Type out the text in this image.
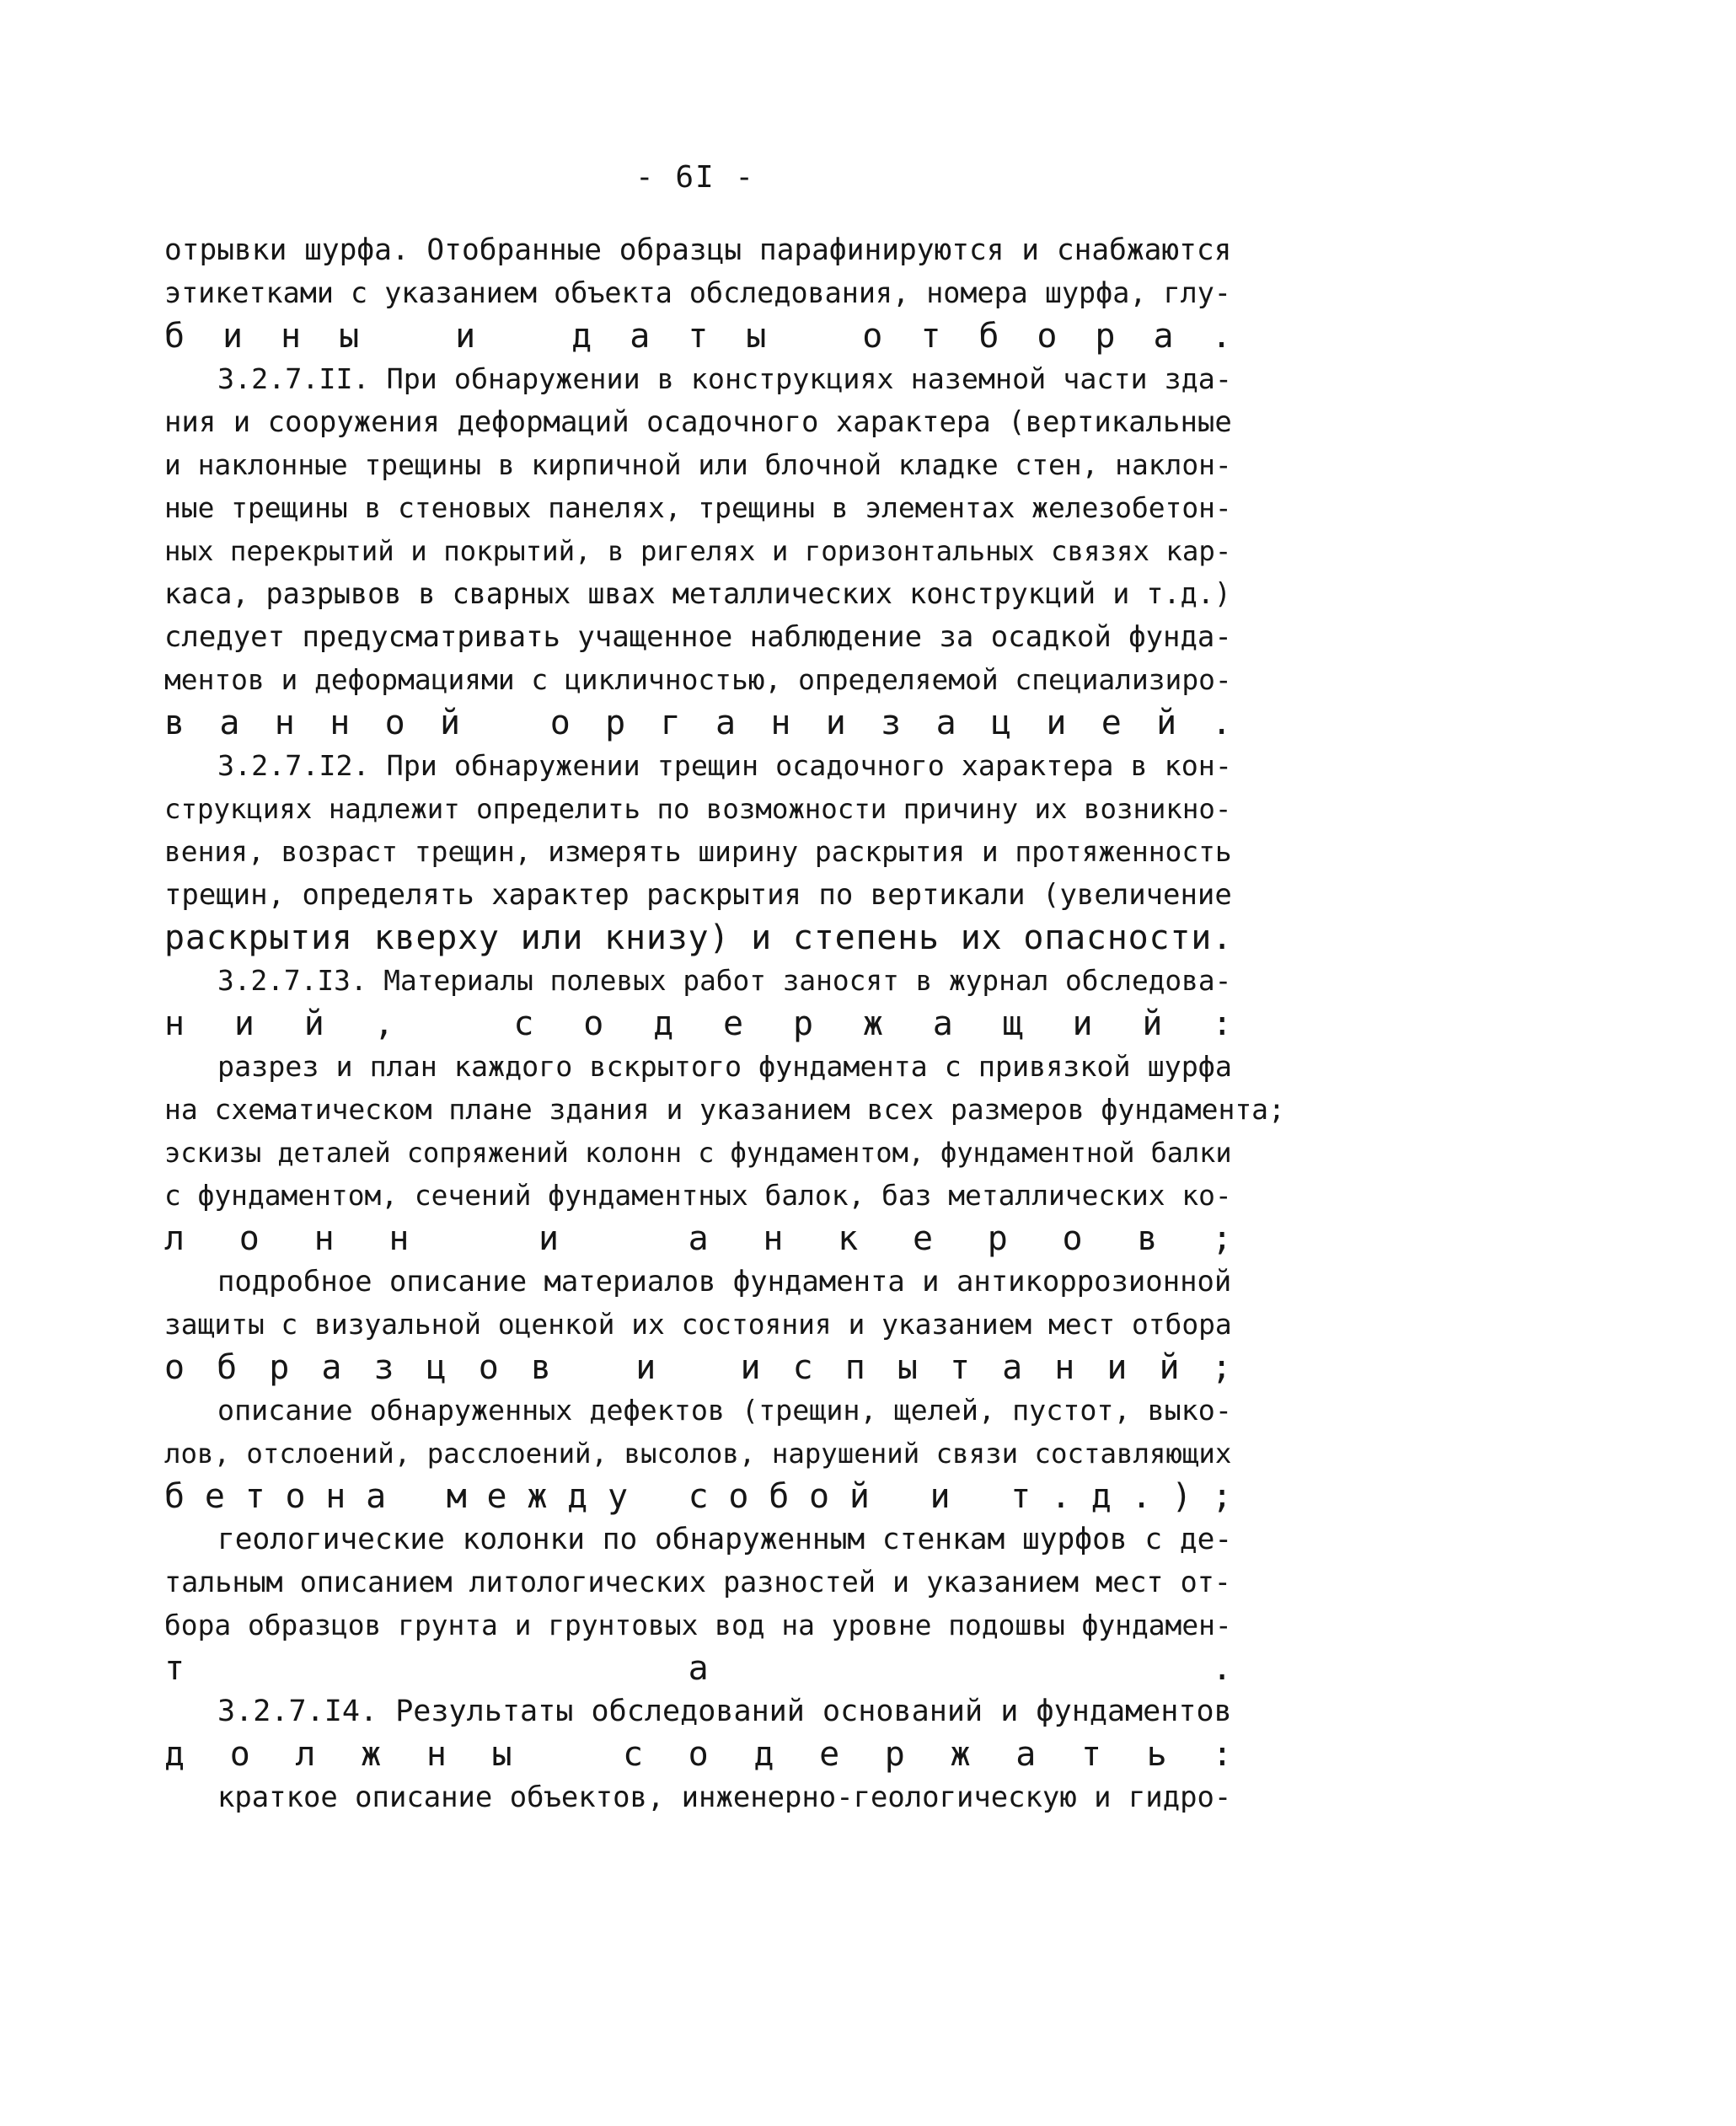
- 6I -
отрывки шурфа. Отобранные образцы парафинируются и снабжаются
этикетками с указанием объекта обследования, номера шурфа, глу-
бины и даты отбора.
3.2.7.II. При обнаружении в конструкциях наземной части зда-
ния и сооружения деформаций осадочного характера (вертикальные
и наклонные трещины в кирпичной или блочной кладке стен, наклон-
ные трещины в стеновых панелях, трещины в элементах железобетон-
ных перекрытий и покрытий, в ригелях и горизонтальных связях кар-
каса, разрывов в сварных швах металлических конструкций и т.д.)
следует предусматривать учащенное наблюдение за осадкой фунда-
ментов и деформациями с цикличностью, определяемой специализиро-
ванной организацией.
3.2.7.I2. При обнаружении трещин осадочного характера в кон-
струкциях надлежит определить по возможности причину их возникно-
вения, возраст трещин, измерять ширину раскрытия и протяженность
трещин, определять характер раскрытия по вертикали (увеличение
раскрытия кверху или книзу) и степень их опасности.
3.2.7.I3. Материалы полевых работ заносят в журнал обследова-
ний, содержащий:
разрез и план каждого вскрытого фундамента с привязкой шурфа
на схематическом плане здания и указанием всех размеров фундамента;
эскизы деталей сопряжений колонн с фундаментом, фундаментной балки
с фундаментом, сечений фундаментных балок, баз металлических ко-
лонн и анкеров;
подробное описание материалов фундамента и антикоррозионной
защиты с визуальной оценкой их состояния и указанием мест отбора
образцов и испытаний;
описание обнаруженных дефектов (трещин, щелей, пустот, выко-
лов, отслоений, расслоений, высолов, нарушений связи составляющих
бетона между собой и т.д.);
геологические колонки по обнаруженным стенкам шурфов с де-
тальным описанием литологических разностей и указанием мест от-
бора образцов грунта и грунтовых вод на уровне подошвы фундамен-
та.
3.2.7.I4. Результаты обследований оснований и фундаментов
должны содержать:
краткое описание объектов, инженерно-геологическую и гидро-
